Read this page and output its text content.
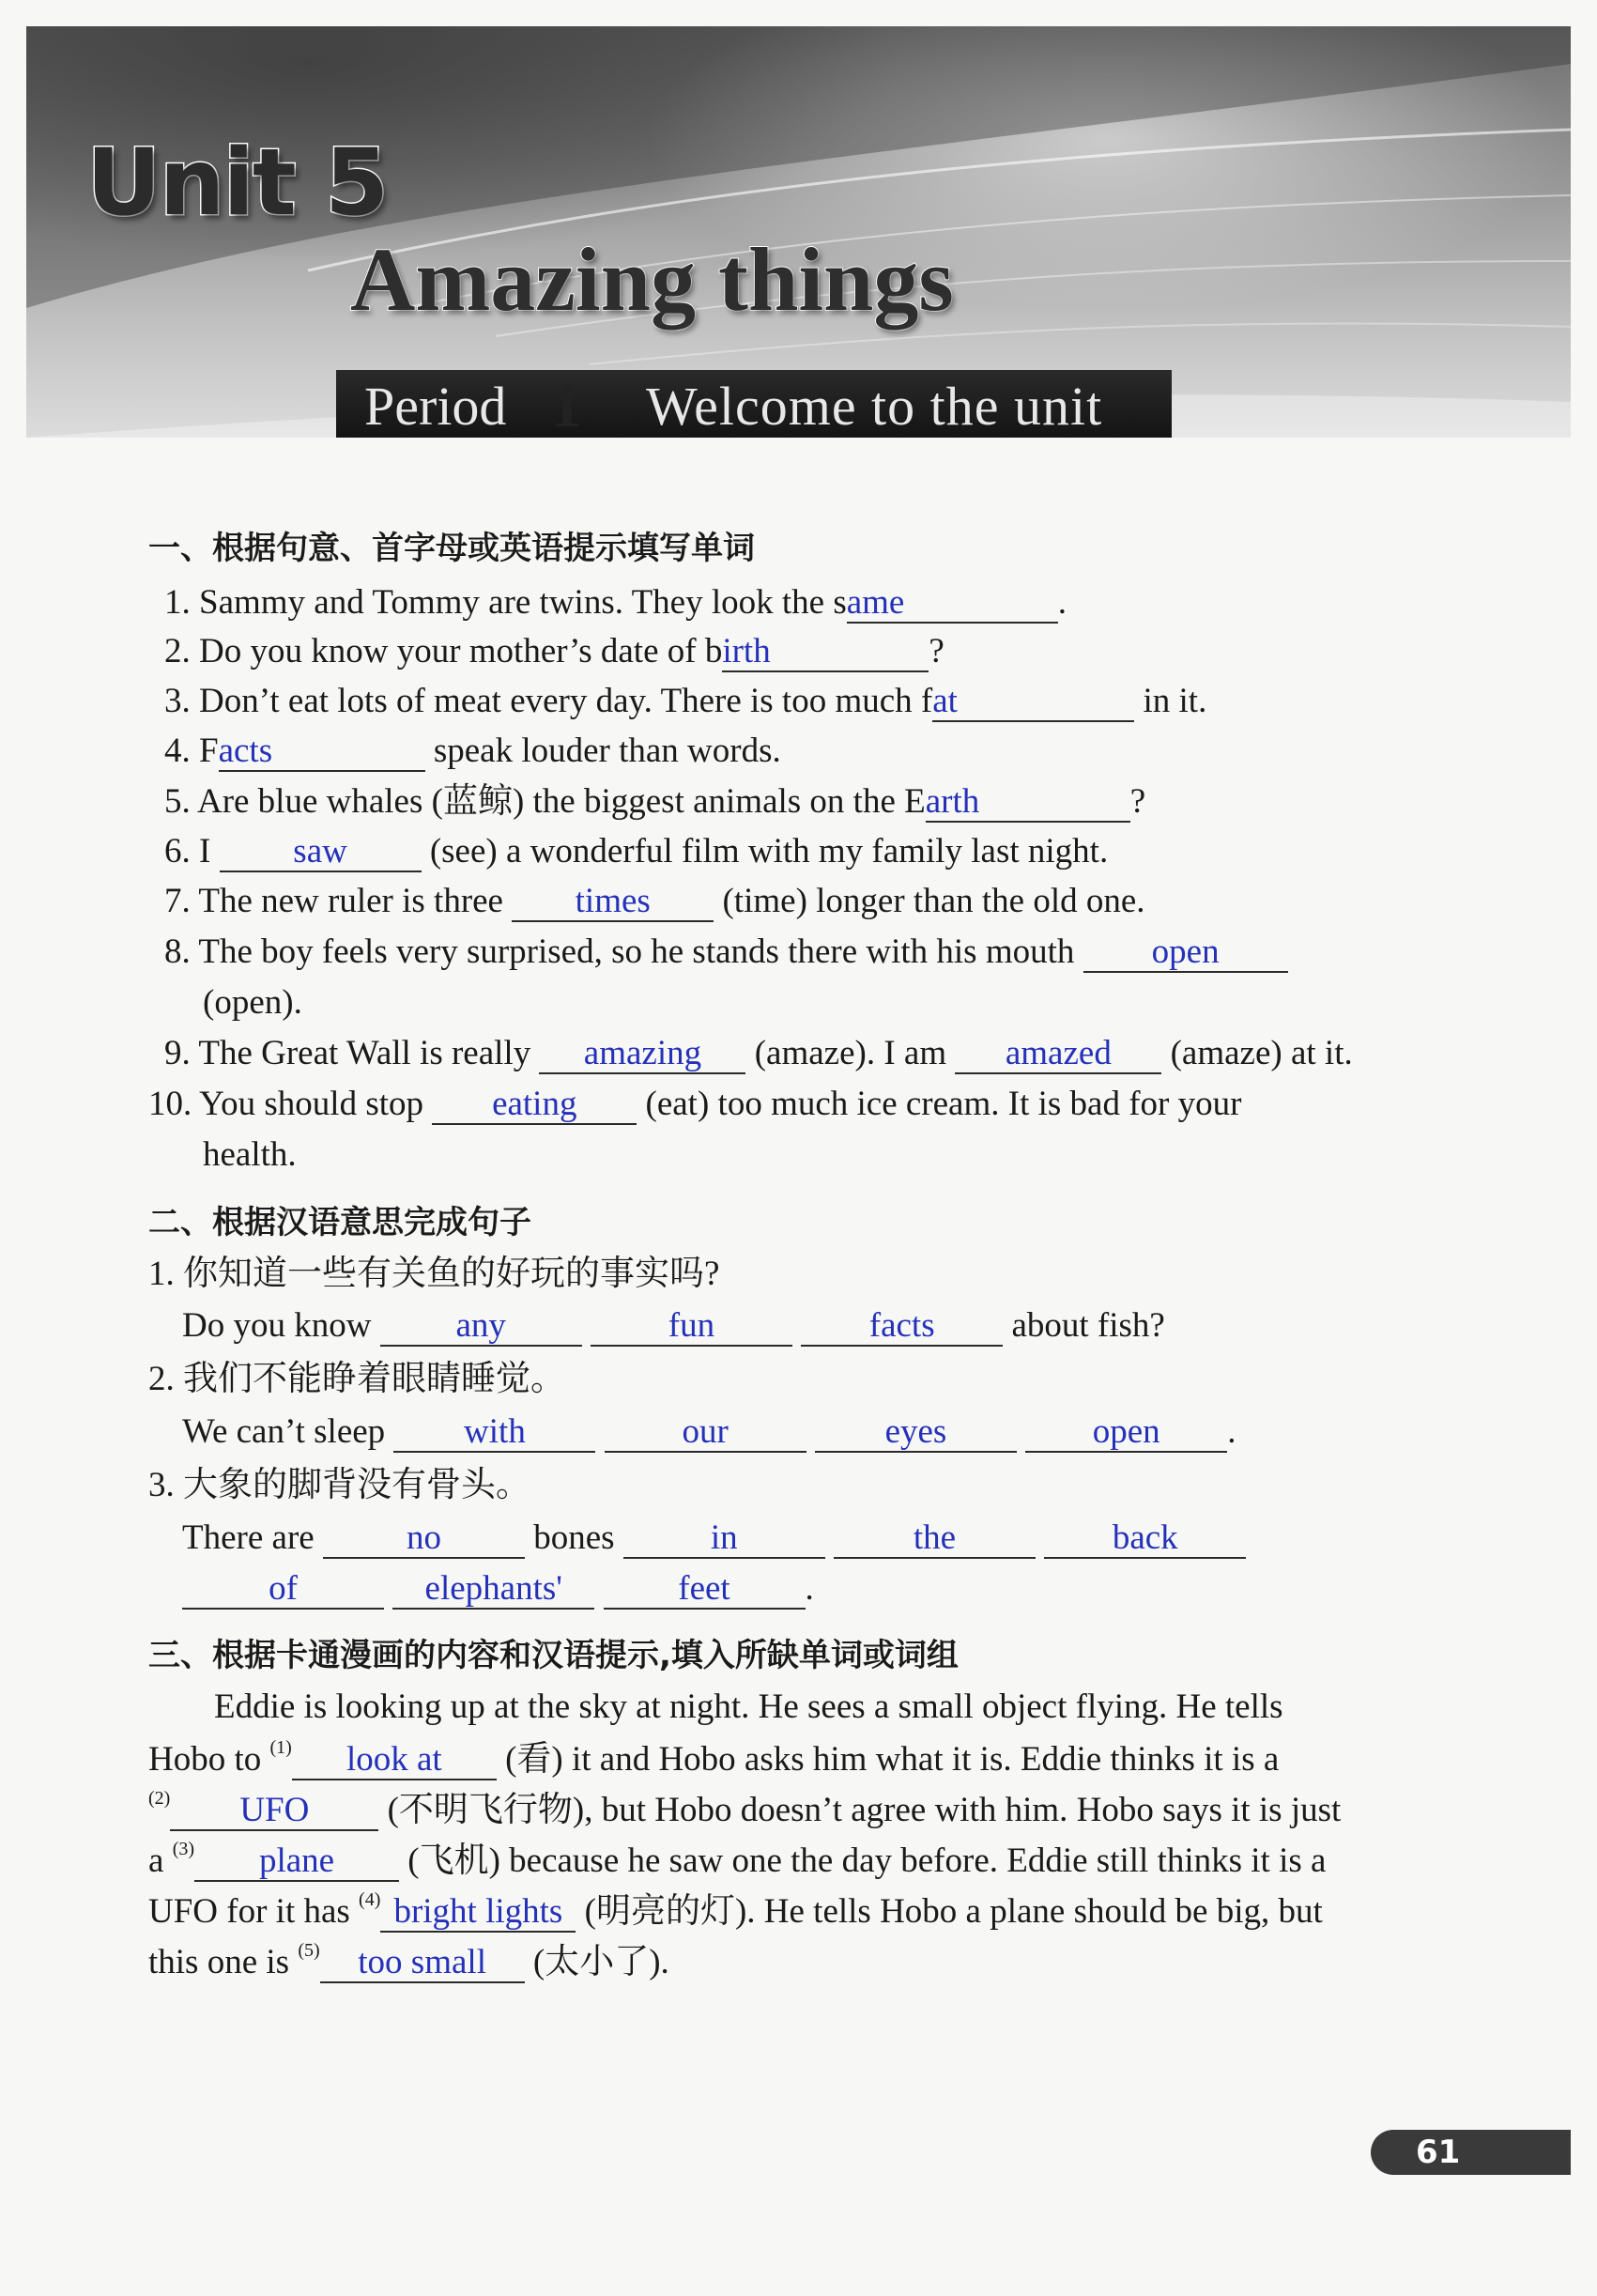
Unit 5
Amazing things
Period 1	Welcome to the unit
一、根据句意、首字母或英语提示填写单词
1. Sammy and Tommy are twins. They look the same	.
2. Do you know your mother’s date of birth	?
3. Don’t eat lots of meat every day. There is too much fat	in it.
4. Facts	speak louder than words.
5. Are blue whales (蓝鲸) the biggest animals on the Earth	?
6. I saw (see) a wonderful film with my family last night.
7. The new ruler is three times (time) longer than the old one.
8. The boy feels very surprised, so he stands there with his mouth open
(open).
9. The Great Wall is really amazing (amaze). I am amazed (amaze) at it.
10. You should stop eating (eat) too much ice cream. It is bad for your
health.
二、根据汉语意思完成句子
1. 你知道一些有关鱼的好玩的事实吗?
Do you know any	fun	facts about fish?
2. 我们不能睁着眼睛睡觉。
We can’t sleep with	our	eyes	open .
3. 大象的脚背没有骨头。
There are	no	bones	in	the	back
of	elephants'	feet .
三、根据卡通漫画的内容和汉语提示,填入所缺单词或词组
Eddie is looking up at the sky at night. He sees a small object flying. He tells
Hobo to $^{(1)}$ look at (看) it and Hobo asks him what it is. Eddie thinks it is a
$^{(2)}$ UFO (不明飞行物), but Hobo doesn’t agree with him. Hobo says it is just
a $^{(3)}$ plane (飞机) because he saw one the day before. Eddie still thinks it is a
UFO for it has $^{(4)}$ bright lights (明亮的灯). He tells Hobo a plane should be big, but
this one is $^{(5)}$ too small (太小了).
61
